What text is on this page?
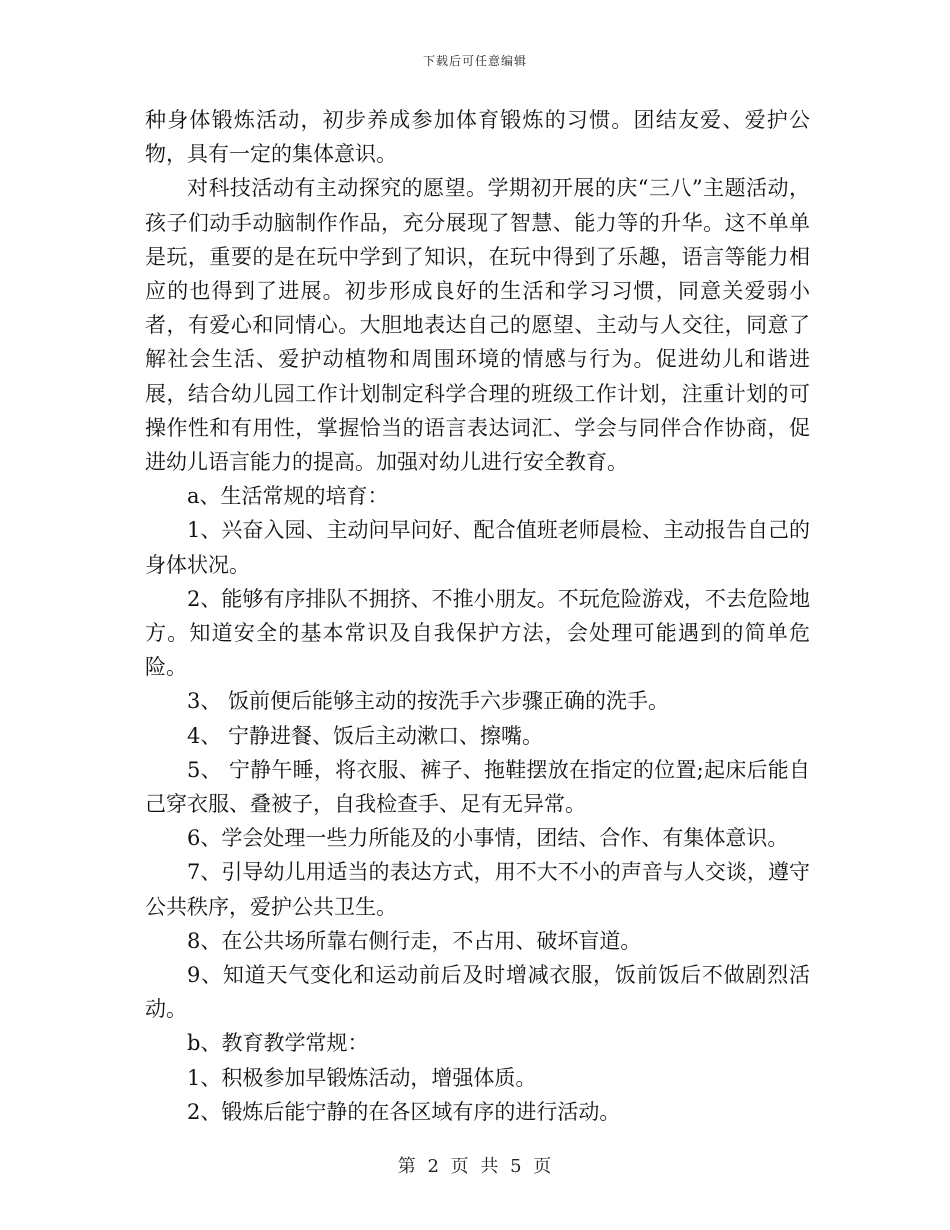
下载后可任意编辑

种身体锻炼活动，初步养成参加体育锻炼的习惯。团结友爱、爱护公物，具有一定的集体意识。

对科技活动有主动探究的愿望。学期初开展的庆“三八”主题活动，孩子们动手动脑制作作品，充分展现了智慧、能力等的升华。这不单单是玩，重要的是在玩中学到了知识，在玩中得到了乐趣，语言等能力相应的也得到了进展。初步形成良好的生活和学习习惯，同意关爱弱小者，有爱心和同情心。大胆地表达自己的愿望、主动与人交往，同意了解社会生活、爱护动植物和周围环境的情感与行为。促进幼儿和谐进展，结合幼儿园工作计划制定科学合理的班级工作计划，注重计划的可操作性和有用性，掌握恰当的语言表达词汇、学会与同伴合作协商，促进幼儿语言能力的提高。加强对幼儿进行安全教育。

a、生活常规的培育：

1、兴奋入园、主动问早问好、配合值班老师晨检、主动报告自己的身体状况。

2、能够有序排队不拥挤、不推小朋友。不玩危险游戏，不去危险地方。知道安全的基本常识及自我保护方法，会处理可能遇到的简单危险。

3、 饭前便后能够主动的按洗手六步骤正确的洗手。

4、 宁静进餐、饭后主动漱口、擦嘴。

5、 宁静午睡，将衣服、裤子、拖鞋摆放在指定的位置;起床后能自己穿衣服、叠被子，自我检查手、足有无异常。

6、学会处理一些力所能及的小事情，团结、合作、有集体意识。

7、引导幼儿用适当的表达方式，用不大不小的声音与人交谈，遵守公共秩序，爱护公共卫生。

8、在公共场所靠右侧行走，不占用、破坏盲道。

9、知道天气变化和运动前后及时增减衣服，饭前饭后不做剧烈活动。

b、教育教学常规：

1、积极参加早锻炼活动，增强体质。

2、锻炼后能宁静的在各区域有序的进行活动。

第 2 页 共 5 页
